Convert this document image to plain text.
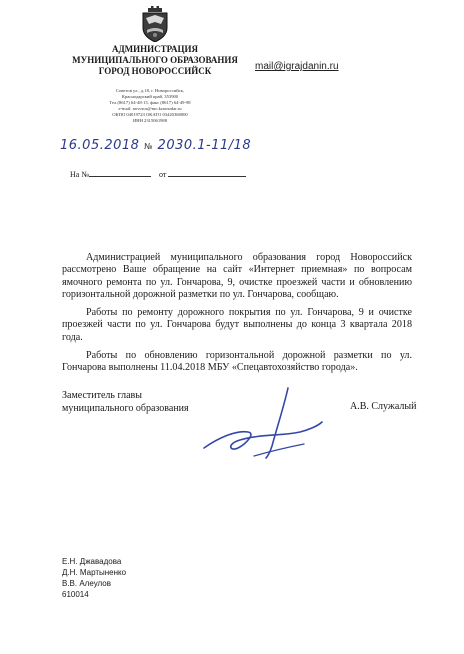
АДМИНИСТРАЦИЯ
МУНИЦИПАЛЬНОГО ОБРАЗОВАНИЯ
ГОРОД НОВОРОССИЙСК	mail@igrajdanin.ru
Советов ул., д.18, г. Новороссийск,
Краснодарский край, 353900
Тел.(8617) 64-48-15, факс (8617) 64-49-98
e-mail: novoros@mo.krasnodar.ru
ОКПО 04019723 ОКАТО 03420368000
ИНН 2315061988
16.05.2018 № 2030.1-11/18
На №	от

Администрацией муниципального образования город Новороссийск рассмотрено Ваше обращение на сайт «Интернет приемная» по вопросам ямочного ремонта по ул. Гончарова, 9, очистке проезжей части и обновлению горизонтальной дорожной разметки по ул. Гончарова, сообщаю.

Работы по ремонту дорожного покрытия по ул. Гончарова, 9 и очистке проезжей части по ул. Гончарова будут выполнены до конца 3 квартала 2018 года.

Работы по обновлению горизонтальной дорожной разметки по ул. Гончарова выполнены 11.04.2018 МБУ «Спецавтохозяйство города».

Заместитель главы
муниципального образования	А.В. Служалый
Е.Н. Джавадова
Д.Н. Мартыненко
В.В. Алеулов
610014
